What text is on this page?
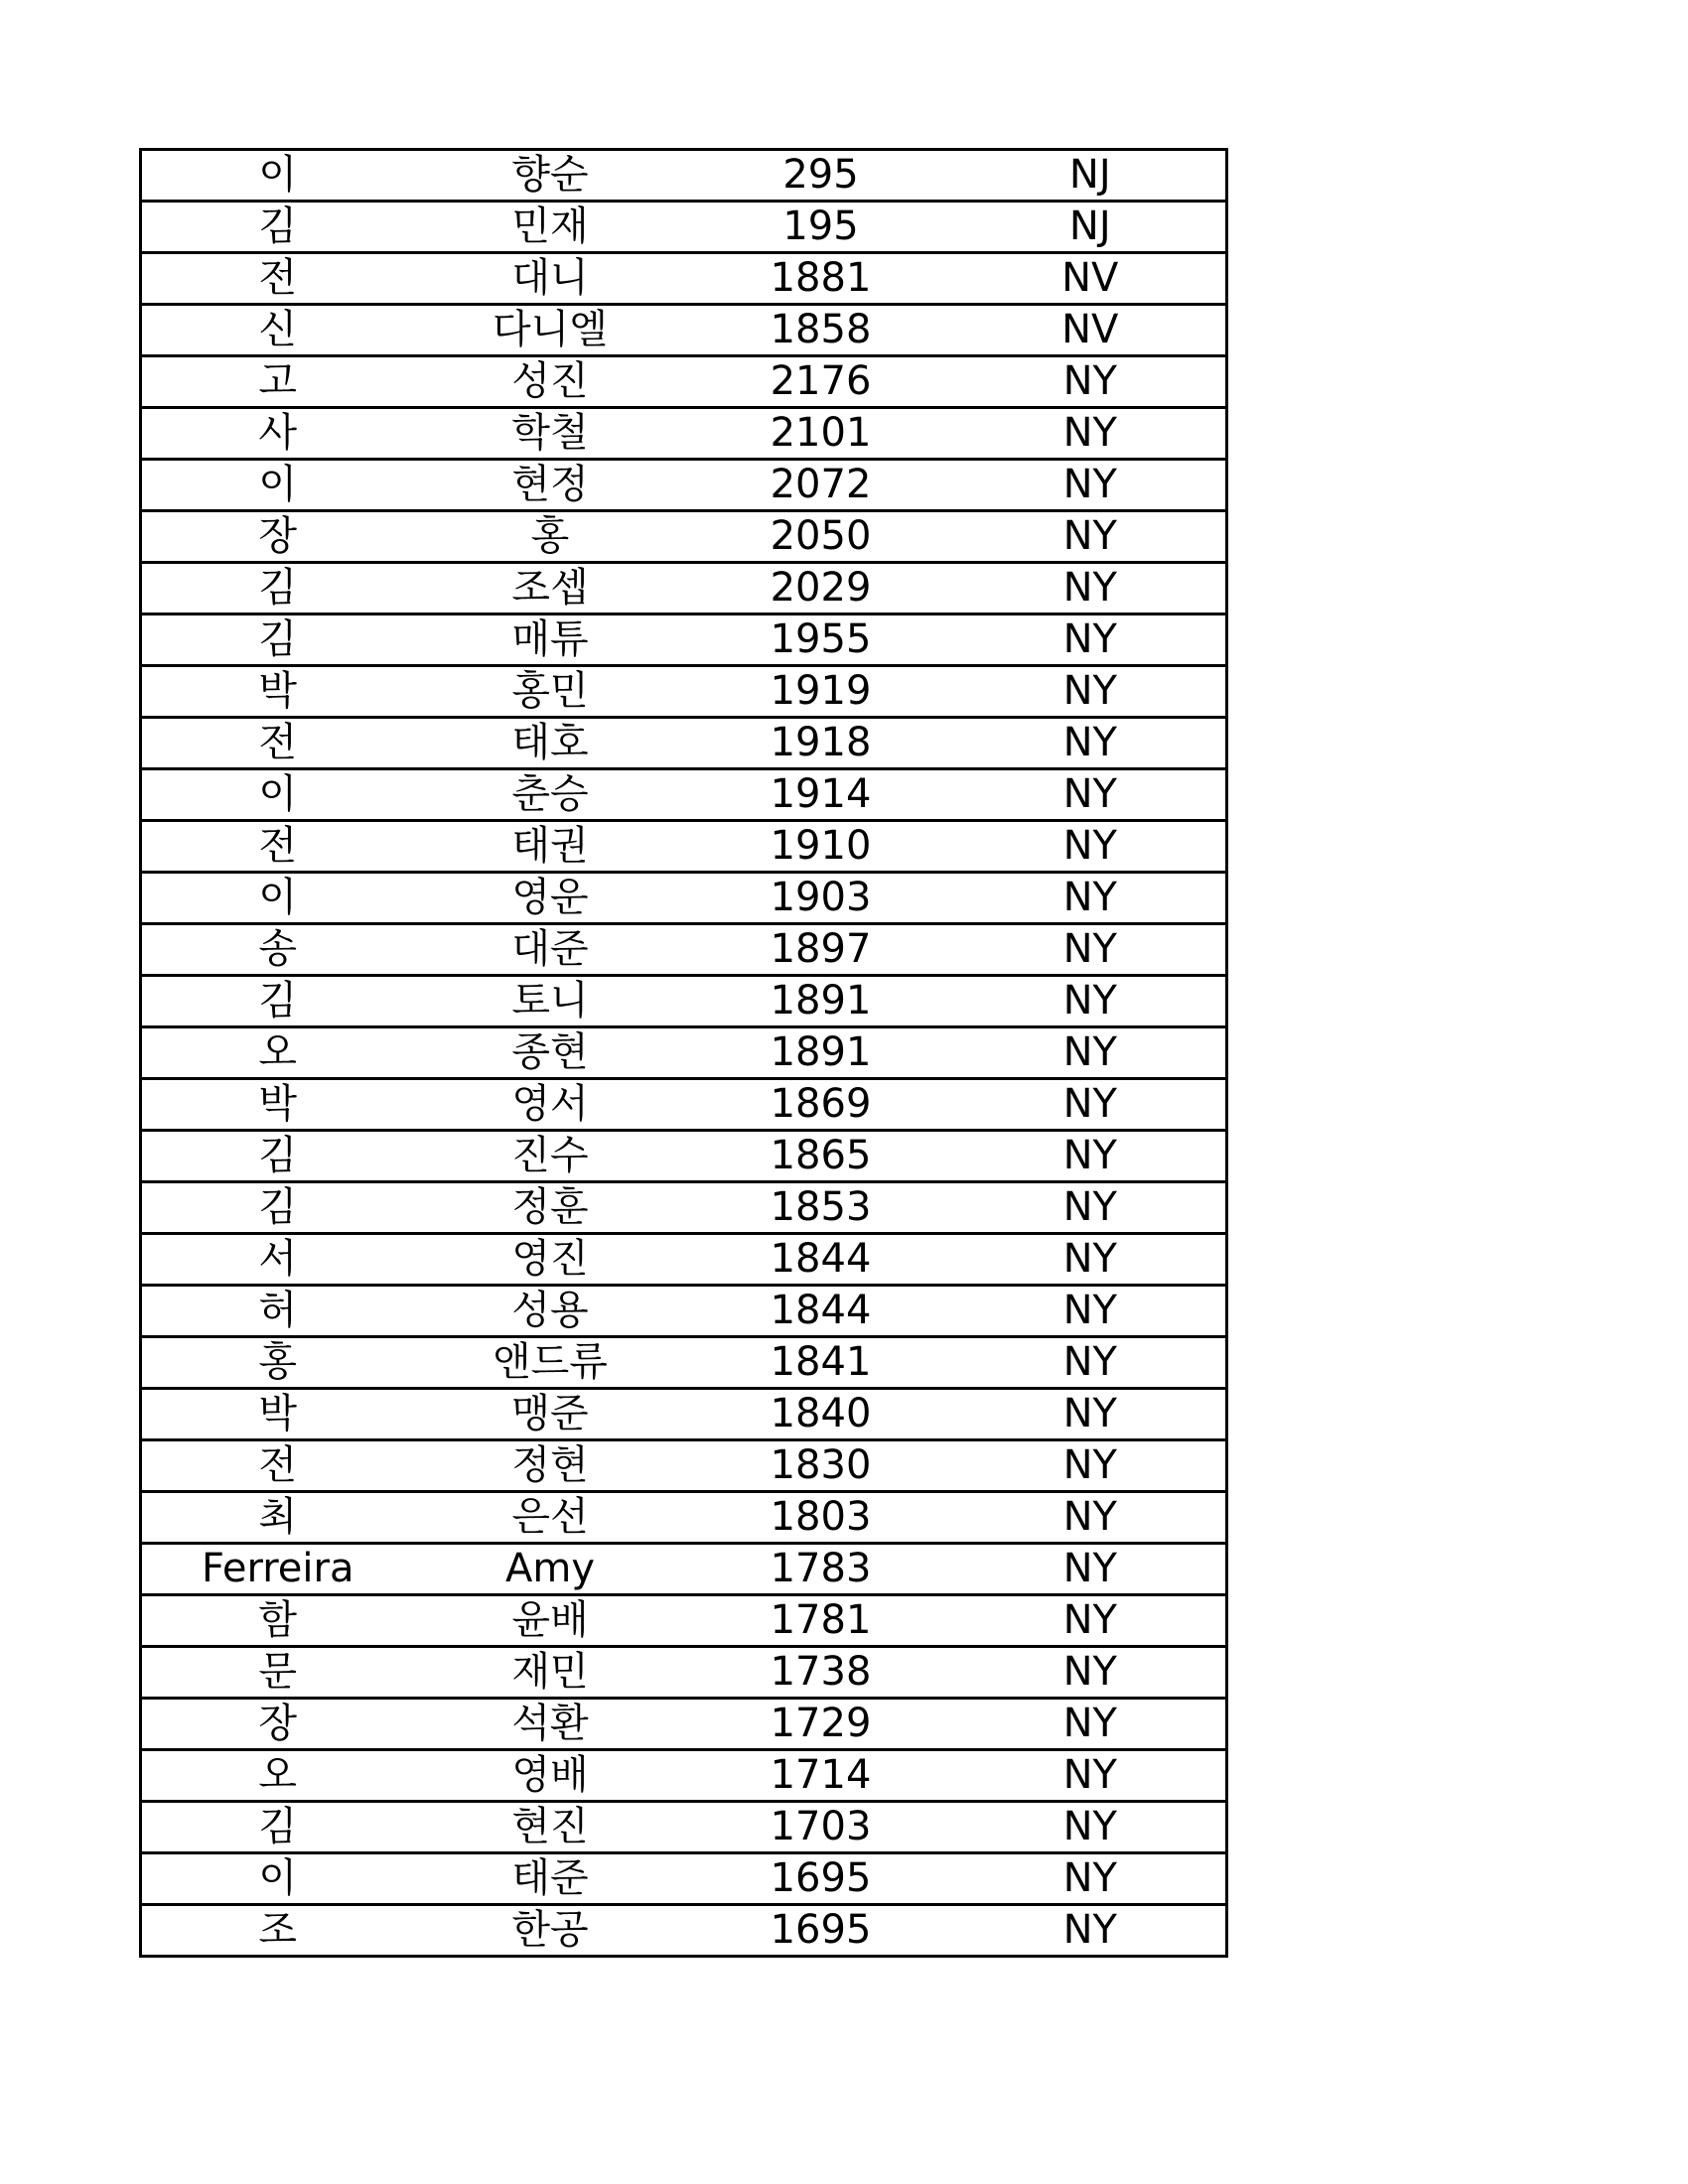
이	향순	295	NJ
김	민재	195	NJ
전	대니	1881	NV
신	다니엘	1858	NV
고	성진	2176	NY
사	학철	2101	NY
이	현정	2072	NY
장	홍	2050	NY
김	조셉	2029	NY
김	매튜	1955	NY
박	홍민	1919	NY
전	태호	1918	NY
이	춘승	1914	NY
전	태권	1910	NY
이	영운	1903	NY
송	대준	1897	NY
김	토니	1891	NY
오	종현	1891	NY
박	영서	1869	NY
김	진수	1865	NY
김	정훈	1853	NY
서	영진	1844	NY
허	성용	1844	NY
홍	앤드류	1841	NY
박	맹준	1840	NY
전	정현	1830	NY
최	은선	1803	NY
Ferreira	Amy	1783	NY
함	윤배	1781	NY
문	재민	1738	NY
장	석환	1729	NY
오	영배	1714	NY
김	현진	1703	NY
이	태준	1695	NY
조	한공	1695	NY
